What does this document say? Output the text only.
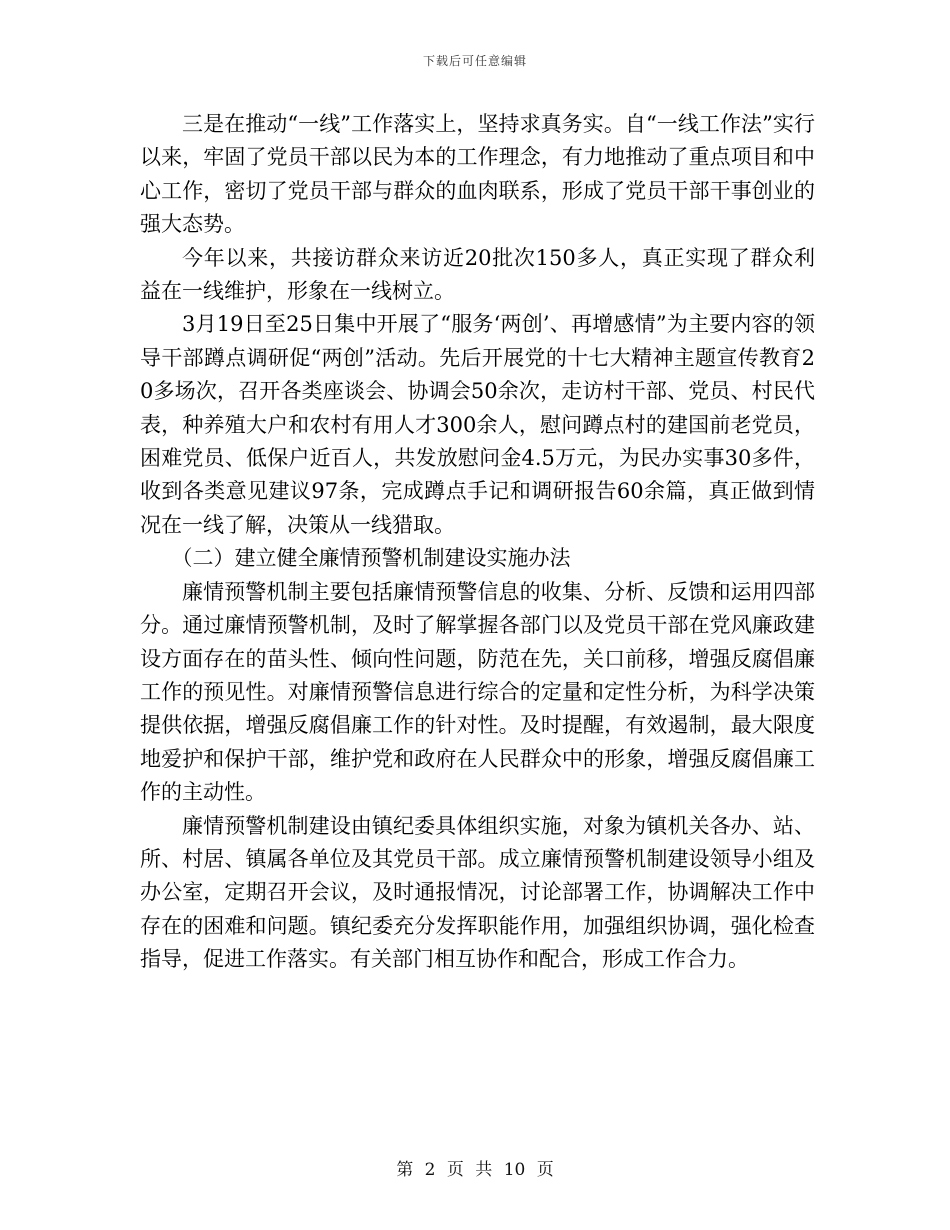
下载后可任意编辑

三是在推动“一线”工作落实上，坚持求真务实。自“一线工作法”实行以来，牢固了党员干部以民为本的工作理念，有力地推动了重点项目和中心工作，密切了党员干部与群众的血肉联系，形成了党员干部干事创业的强大态势。

今年以来，共接访群众来访近20批次150多人，真正实现了群众利益在一线维护，形象在一线树立。

3月19日至25日集中开展了“服务‘两创’、再增感情”为主要内容的领导干部蹲点调研促“两创”活动。先后开展党的十七大精神主题宣传教育20多场次，召开各类座谈会、协调会50余次，走访村干部、党员、村民代表，种养殖大户和农村有用人才300余人，慰问蹲点村的建国前老党员，困难党员、低保户近百人，共发放慰问金4.5万元，为民办实事30多件，收到各类意见建议97条，完成蹲点手记和调研报告60余篇，真正做到情况在一线了解，决策从一线猎取。

（二）建立健全廉情预警机制建设实施办法

廉情预警机制主要包括廉情预警信息的收集、分析、反馈和运用四部分。通过廉情预警机制，及时了解掌握各部门以及党员干部在党风廉政建设方面存在的苗头性、倾向性问题，防范在先，关口前移，增强反腐倡廉工作的预见性。对廉情预警信息进行综合的定量和定性分析，为科学决策提供依据，增强反腐倡廉工作的针对性。及时提醒，有效遏制，最大限度地爱护和保护干部，维护党和政府在人民群众中的形象，增强反腐倡廉工作的主动性。

廉情预警机制建设由镇纪委具体组织实施，对象为镇机关各办、站、所、村居、镇属各单位及其党员干部。成立廉情预警机制建设领导小组及办公室，定期召开会议，及时通报情况，讨论部署工作，协调解决工作中存在的困难和问题。镇纪委充分发挥职能作用，加强组织协调，强化检查指导，促进工作落实。有关部门相互协作和配合，形成工作合力。

第 2 页 共 10 页
